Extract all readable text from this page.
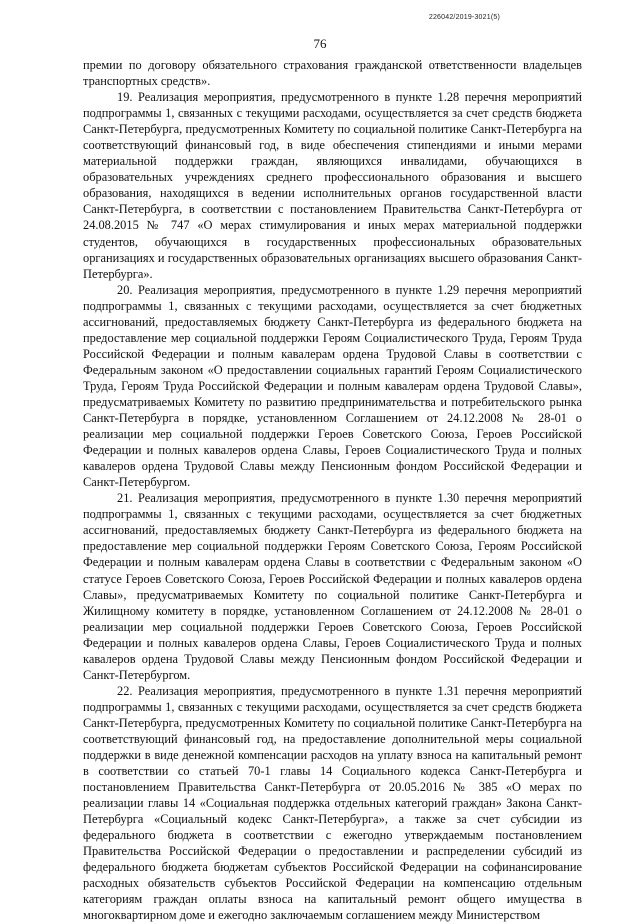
226042/2019-3021(5)
76

премии по договору обязательного страхования гражданской ответственности владельцев транспортных средств».

19. Реализация мероприятия, предусмотренного в пункте 1.28 перечня мероприятий подпрограммы 1, связанных с текущими расходами, осуществляется за счет средств бюджета Санкт-Петербурга, предусмотренных Комитету по социальной политике Санкт-Петербурга на соответствующий финансовый год, в виде обеспечения стипендиями и иными мерами материальной поддержки граждан, являющихся инвалидами, обучающихся в образовательных учреждениях среднего профессионального образования и высшего образования, находящихся в ведении исполнительных органов государственной власти Санкт-Петербурга, в соответствии с постановлением Правительства Санкт-Петербурга от 24.08.2015 № 747 «О мерах стимулирования и иных мерах материальной поддержки студентов, обучающихся в государственных профессиональных образовательных организациях и государственных образовательных организациях высшего образования Санкт-Петербурга».

20. Реализация мероприятия, предусмотренного в пункте 1.29 перечня мероприятий подпрограммы 1, связанных с текущими расходами, осуществляется за счет бюджетных ассигнований, предоставляемых бюджету Санкт-Петербурга из федерального бюджета на предоставление мер социальной поддержки Героям Социалистического Труда, Героям Труда Российской Федерации и полным кавалерам ордена Трудовой Славы в соответствии с Федеральным законом «О предоставлении социальных гарантий Героям Социалистического Труда, Героям Труда Российской Федерации и полным кавалерам ордена Трудовой Славы», предусматриваемых Комитету по развитию предпринимательства и потребительского рынка Санкт-Петербурга в порядке, установленном Соглашением от 24.12.2008 № 28-01 о реализации мер социальной поддержки Героев Советского Союза, Героев Российской Федерации и полных кавалеров ордена Славы, Героев Социалистического Труда и полных кавалеров ордена Трудовой Славы между Пенсионным фондом Российской Федерации и Санкт-Петербургом.

21. Реализация мероприятия, предусмотренного в пункте 1.30 перечня мероприятий подпрограммы 1, связанных с текущими расходами, осуществляется за счет бюджетных ассигнований, предоставляемых бюджету Санкт-Петербурга из федерального бюджета на предоставление мер социальной поддержки Героям Советского Союза, Героям Российской Федерации и полным кавалерам ордена Славы в соответствии с Федеральным законом «О статусе Героев Советского Союза, Героев Российской Федерации и полных кавалеров ордена Славы», предусматриваемых Комитету по социальной политике Санкт-Петербурга и Жилищному комитету в порядке, установленном Соглашением от 24.12.2008 № 28-01 о реализации мер социальной поддержки Героев Советского Союза, Героев Российской Федерации и полных кавалеров ордена Славы, Героев Социалистического Труда и полных кавалеров ордена Трудовой Славы между Пенсионным фондом Российской Федерации и Санкт-Петербургом.

22. Реализация мероприятия, предусмотренного в пункте 1.31 перечня мероприятий подпрограммы 1, связанных с текущими расходами, осуществляется за счет средств бюджета Санкт-Петербурга, предусмотренных Комитету по социальной политике Санкт-Петербурга на соответствующий финансовый год, на предоставление дополнительной меры социальной поддержки в виде денежной компенсации расходов на уплату взноса на капитальный ремонт в соответствии со статьей 70-1 главы 14 Социального кодекса Санкт-Петербурга и постановлением Правительства Санкт-Петербурга от 20.05.2016 № 385 «О мерах по реализации главы 14 «Социальная поддержка отдельных категорий граждан» Закона Санкт-Петербурга «Социальный кодекс Санкт-Петербурга», а также за счет субсидии из федерального бюджета в соответствии с ежегодно утверждаемым постановлением Правительства Российской Федерации о предоставлении и распределении субсидий из федерального бюджета бюджетам субъектов Российской Федерации на софинансирование расходных обязательств субъектов Российской Федерации на компенсацию отдельным категориям граждан оплаты взноса на капитальный ремонт общего имущества в многоквартирном доме и ежегодно заключаемым соглашением между Министерством
